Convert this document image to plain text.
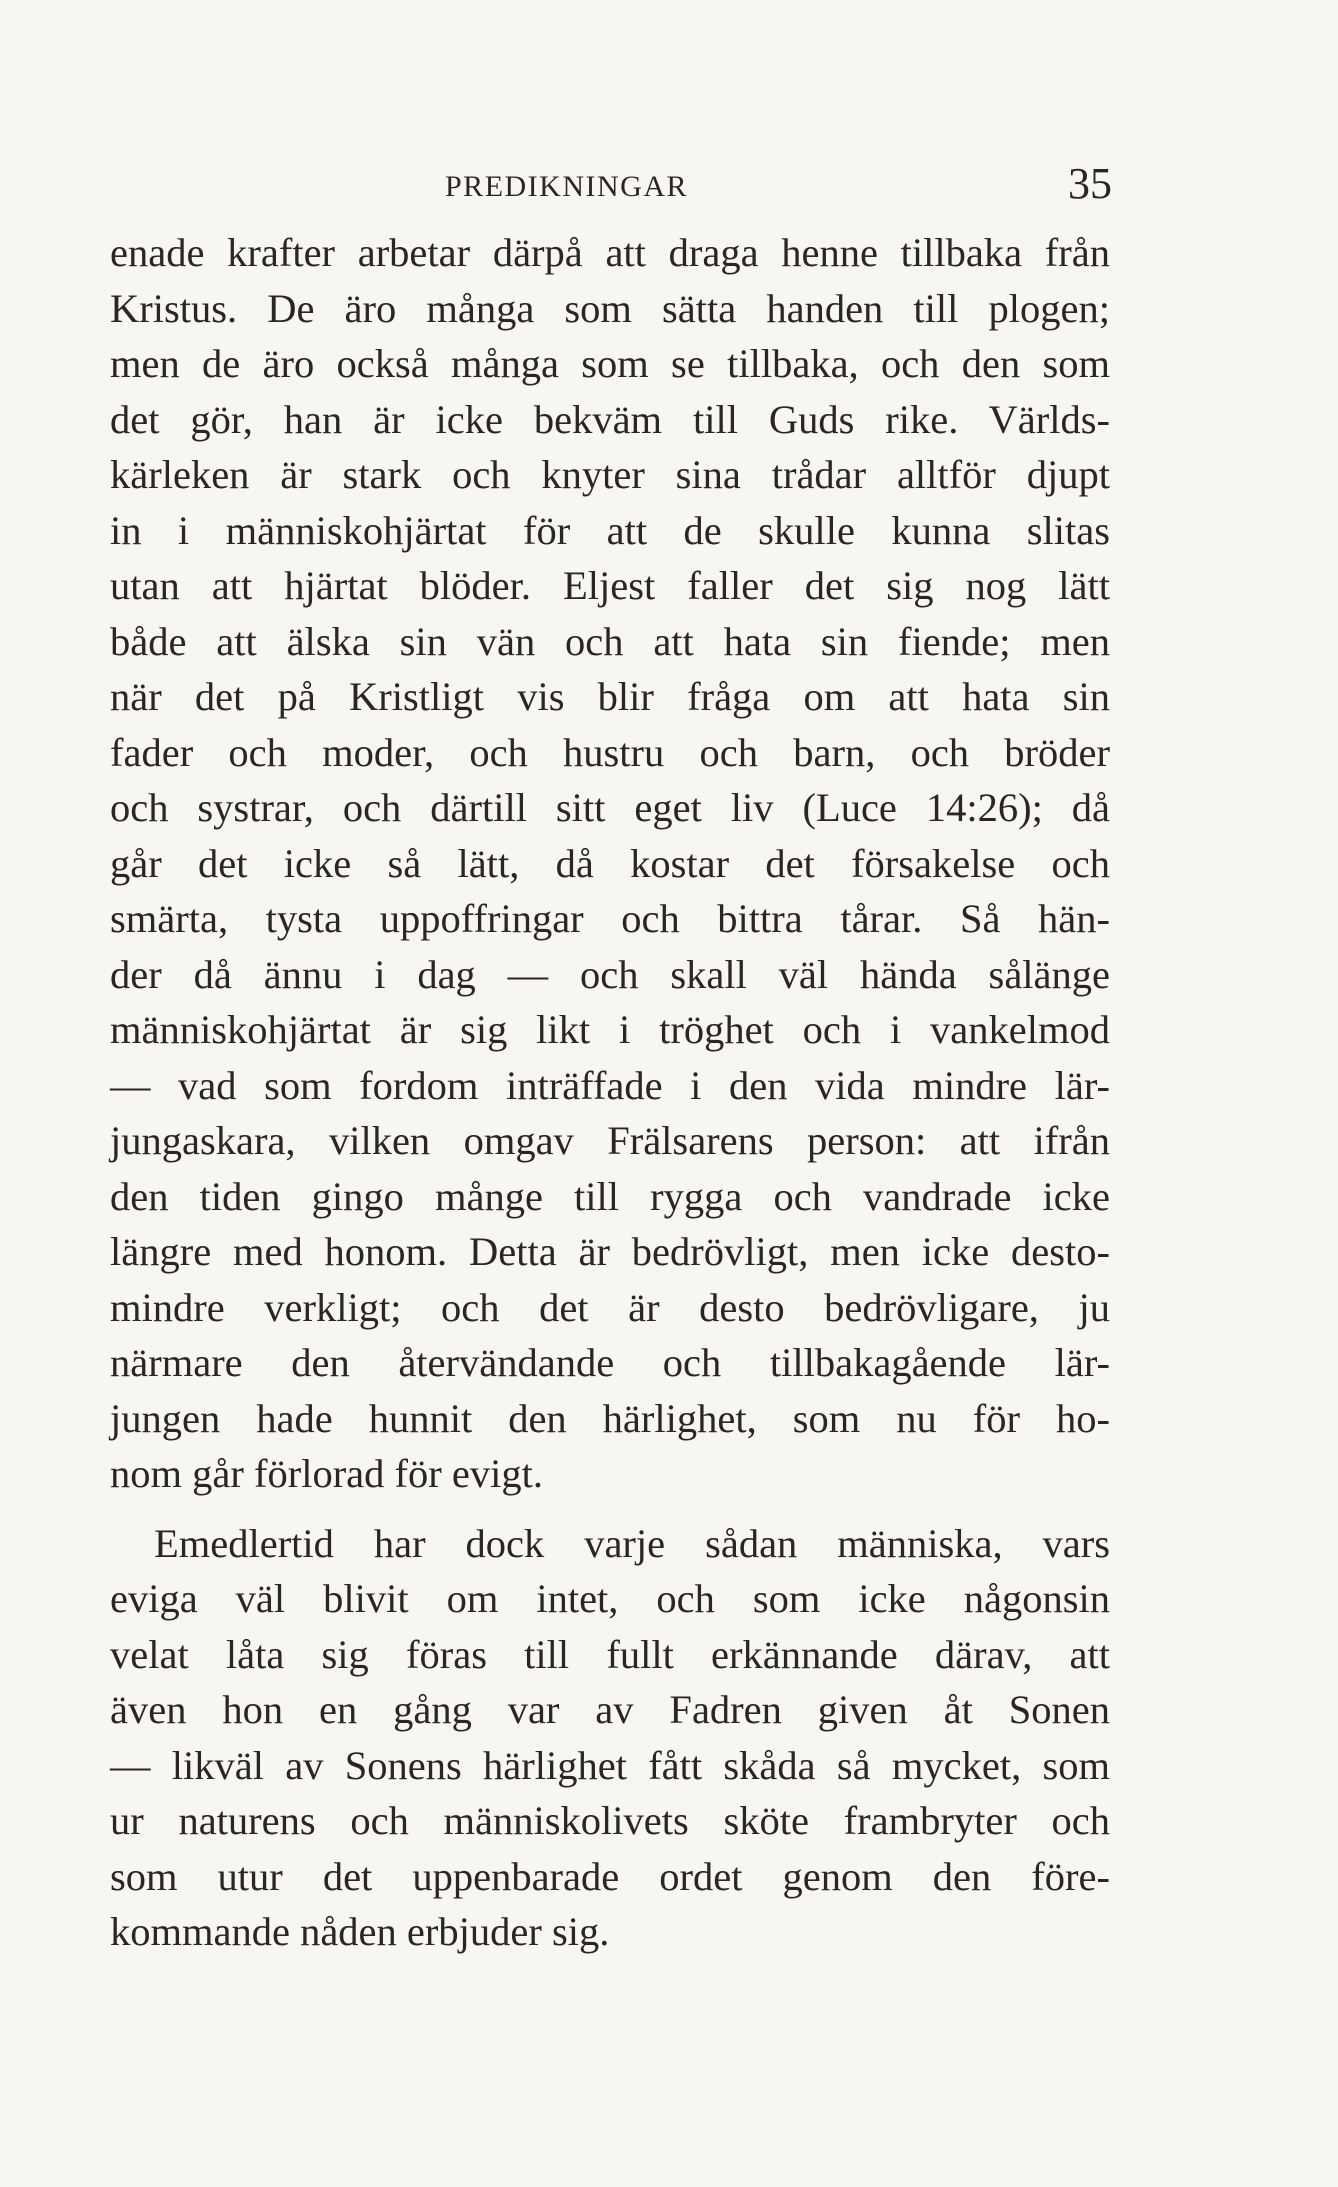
PREDIKNINGAR	35
enade krafter arbetar därpå att draga henne tillbaka från
Kristus. De äro många som sätta handen till plogen;
men de äro också många som se tillbaka, och den som
det gör, han är icke bekväm till Guds rike. Världs-
kärleken är stark och knyter sina trådar alltför djupt
in i människohjärtat för att de skulle kunna slitas
utan att hjärtat blöder. Eljest faller det sig nog lätt
både att älska sin vän och att hata sin fiende; men
när det på Kristligt vis blir fråga om att hata sin
fader och moder, och hustru och barn, och bröder
och systrar, och därtill sitt eget liv (Luce 14:26); då
går det icke så lätt, då kostar det försakelse och
smärta, tysta uppoffringar och bittra tårar. Så hän-
der då ännu i dag — och skall väl hända sålänge
människohjärtat är sig likt i tröghet och i vankelmod
— vad som fordom inträffade i den vida mindre lär-
jungaskara, vilken omgav Frälsarens person: att ifrån
den tiden gingo månge till rygga och vandrade icke
längre med honom. Detta är bedrövligt, men icke desto-
mindre verkligt; och det är desto bedrövligare, ju
närmare den återvändande och tillbakagående lär-
jungen hade hunnit den härlighet, som nu för ho-
nom går förlorad för evigt.
Emedlertid har dock varje sådan människa, vars
eviga väl blivit om intet, och som icke någonsin
velat låta sig föras till fullt erkännande därav, att
även hon en gång var av Fadren given åt Sonen
— likväl av Sonens härlighet fått skåda så mycket, som
ur naturens och människolivets sköte frambryter och
som utur det uppenbarade ordet genom den före-
kommande nåden erbjuder sig.
